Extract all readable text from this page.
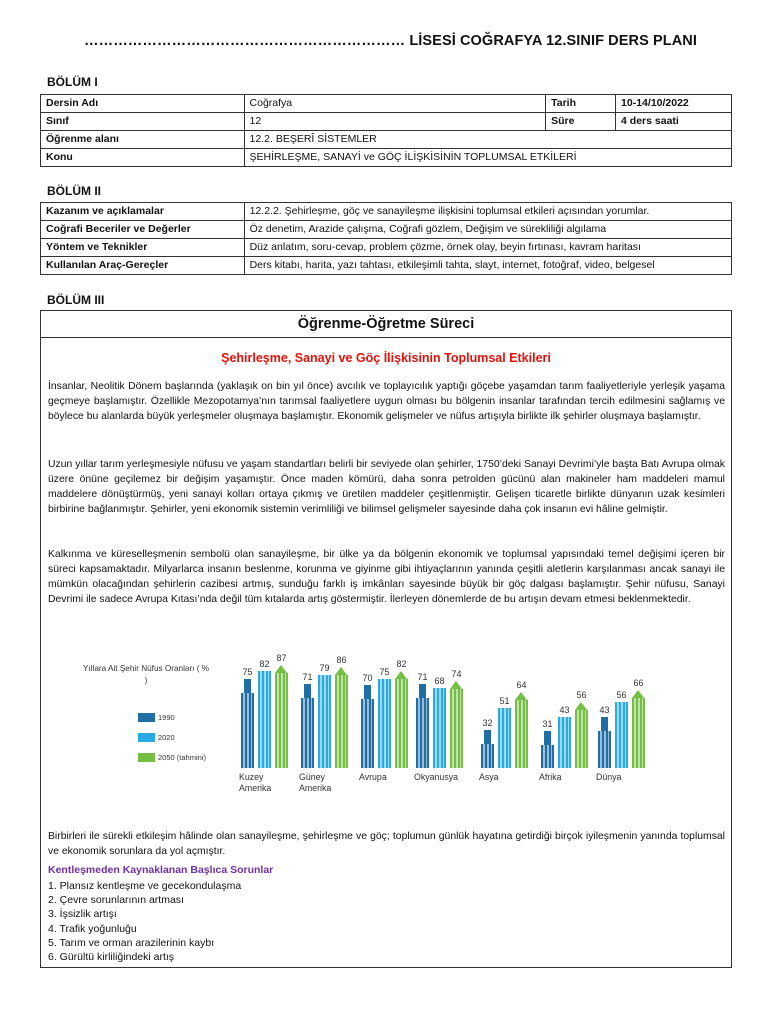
………………………………………………………… LİSESİ COĞRAFYA 12.SINIF DERS PLANI
BÖLÜM I
Dersin Adı	Coğrafya	Tarih	10-14/10/2022
Sınıf	12	Süre	4 ders saati
Öğrenme alanı	12.2. BEŞERÎ SİSTEMLER		
Konu	ŞEHİRLEŞME, SANAYİ ve GÖÇ İLİŞKİSİNİN TOPLUMSAL ETKİLERİ		
BÖLÜM II
Kazanım ve açıklamalar	12.2.2. Şehirleşme, göç ve sanayileşme ilişkisini toplumsal etkileri açısından yorumlar.
Coğrafi Beceriler ve Değerler	Öz denetim, Arazide çalışma, Coğrafi gözlem, Değişim ve sürekliliği algılama
Yöntem ve Teknikler	Düz anlatım, soru-cevap, problem çözme, örnek olay, beyin fırtınası, kavram haritası
Kullanılan Araç-Gereçler	Ders kitabı, harita, yazı tahtası, etkileşimli tahta, slayt, internet, fotoğraf, video, belgesel
BÖLÜM III
Öğrenme-Öğretme Süreci
Şehirleşme, Sanayi ve Göç İlişkisinin Toplumsal Etkileri
İnsanlar, Neolitik Dönem başlarında (yaklaşık on bin yıl önce) avcılık ve toplayıcılık yaptığı göçebe yaşamdan tarım faaliyetleriyle yerleşik yaşama geçmeye başlamıştır. Özellikle Mezopotamya’nın tarımsal faaliyetlere uygun olması bu bölgenin insanlar tarafından tercih edilmesini sağlamış ve böylece bu alanlarda büyük yerleşmeler oluşmaya başlamıştır. Ekonomik gelişmeler ve nüfus artışıyla birlikte ilk şehirler oluşmaya başlamıştır.
Uzun yıllar tarım yerleşmesiyle nüfusu ve yaşam standartları belirli bir seviyede olan şehirler, 1750’deki Sanayi Devrimi’yle başta Batı Avrupa olmak üzere önüne geçilemez bir değişim yaşamıştır. Önce maden kömürü, daha sonra petrolden gücünü alan makineler ham maddeleri mamul maddelere dönüştürmüş, yeni sanayi kolları ortaya çıkmış ve üretilen maddeler çeşitlenmiştir. Gelişen ticaretle birlikte dünyanın uzak kesimleri birbirine bağlanmıştır. Şehirler, yeni ekonomik sistemin verimliliği ve bilimsel gelişmeler sayesinde daha çok insanın evi hâline gelmiştir.
Kalkınma ve küreselleşmenin sembolü olan sanayileşme, bir ülke ya da bölgenin ekonomik ve toplumsal yapısındaki temel değişimi içeren bir süreci kapsamaktadır. Milyarlarca insanın beslenme, korunma ve giyinme gibi ihtiyaçlarının yanında çeşitli aletlerin karşılanması ancak sanayi ile mümkün olacağından şehirlerin cazibesi artmış, sunduğu farklı iş imkânları sayesinde büyük bir göç dalgası başlamıştır. Şehir nüfusu, Sanayi Devrimi ile sadece Avrupa Kıtası’nda değil tüm kıtalarda artış göstermiştir. İlerleyen dönemlerde de bu artışın devam etmesi beklenmektedir.
Yıllara Ait Şehir Nüfus Oranları ( % )
1990
2020
2050 (tahmini)
75
82
87
Kuzey
Amerika
71
79
86
Güney
Amerika
70
75
82
Avrupa
71 68
74
Okyanusya
32
51
64
Asya
31
43
56
Afrika
43
56
66
Dünya
Birbirleri ile sürekli etkileşim hâlinde olan sanayileşme, şehirleşme ve göç; toplumun günlük hayatına getirdiği birçok iyileşmenin yanında toplumsal ve ekonomik sorunlara da yol açmıştır.
Kentleşmeden Kaynaklanan Başlıca Sorunlar
1. Plansız kentleşme ve gecekondulaşma
2. Çevre sorunlarının artması
3. İşsizlik artışı
4. Trafik yoğunluğu
5. Tarım ve orman arazilerinin kaybı
6. Gürültü kirliliğindeki artış
